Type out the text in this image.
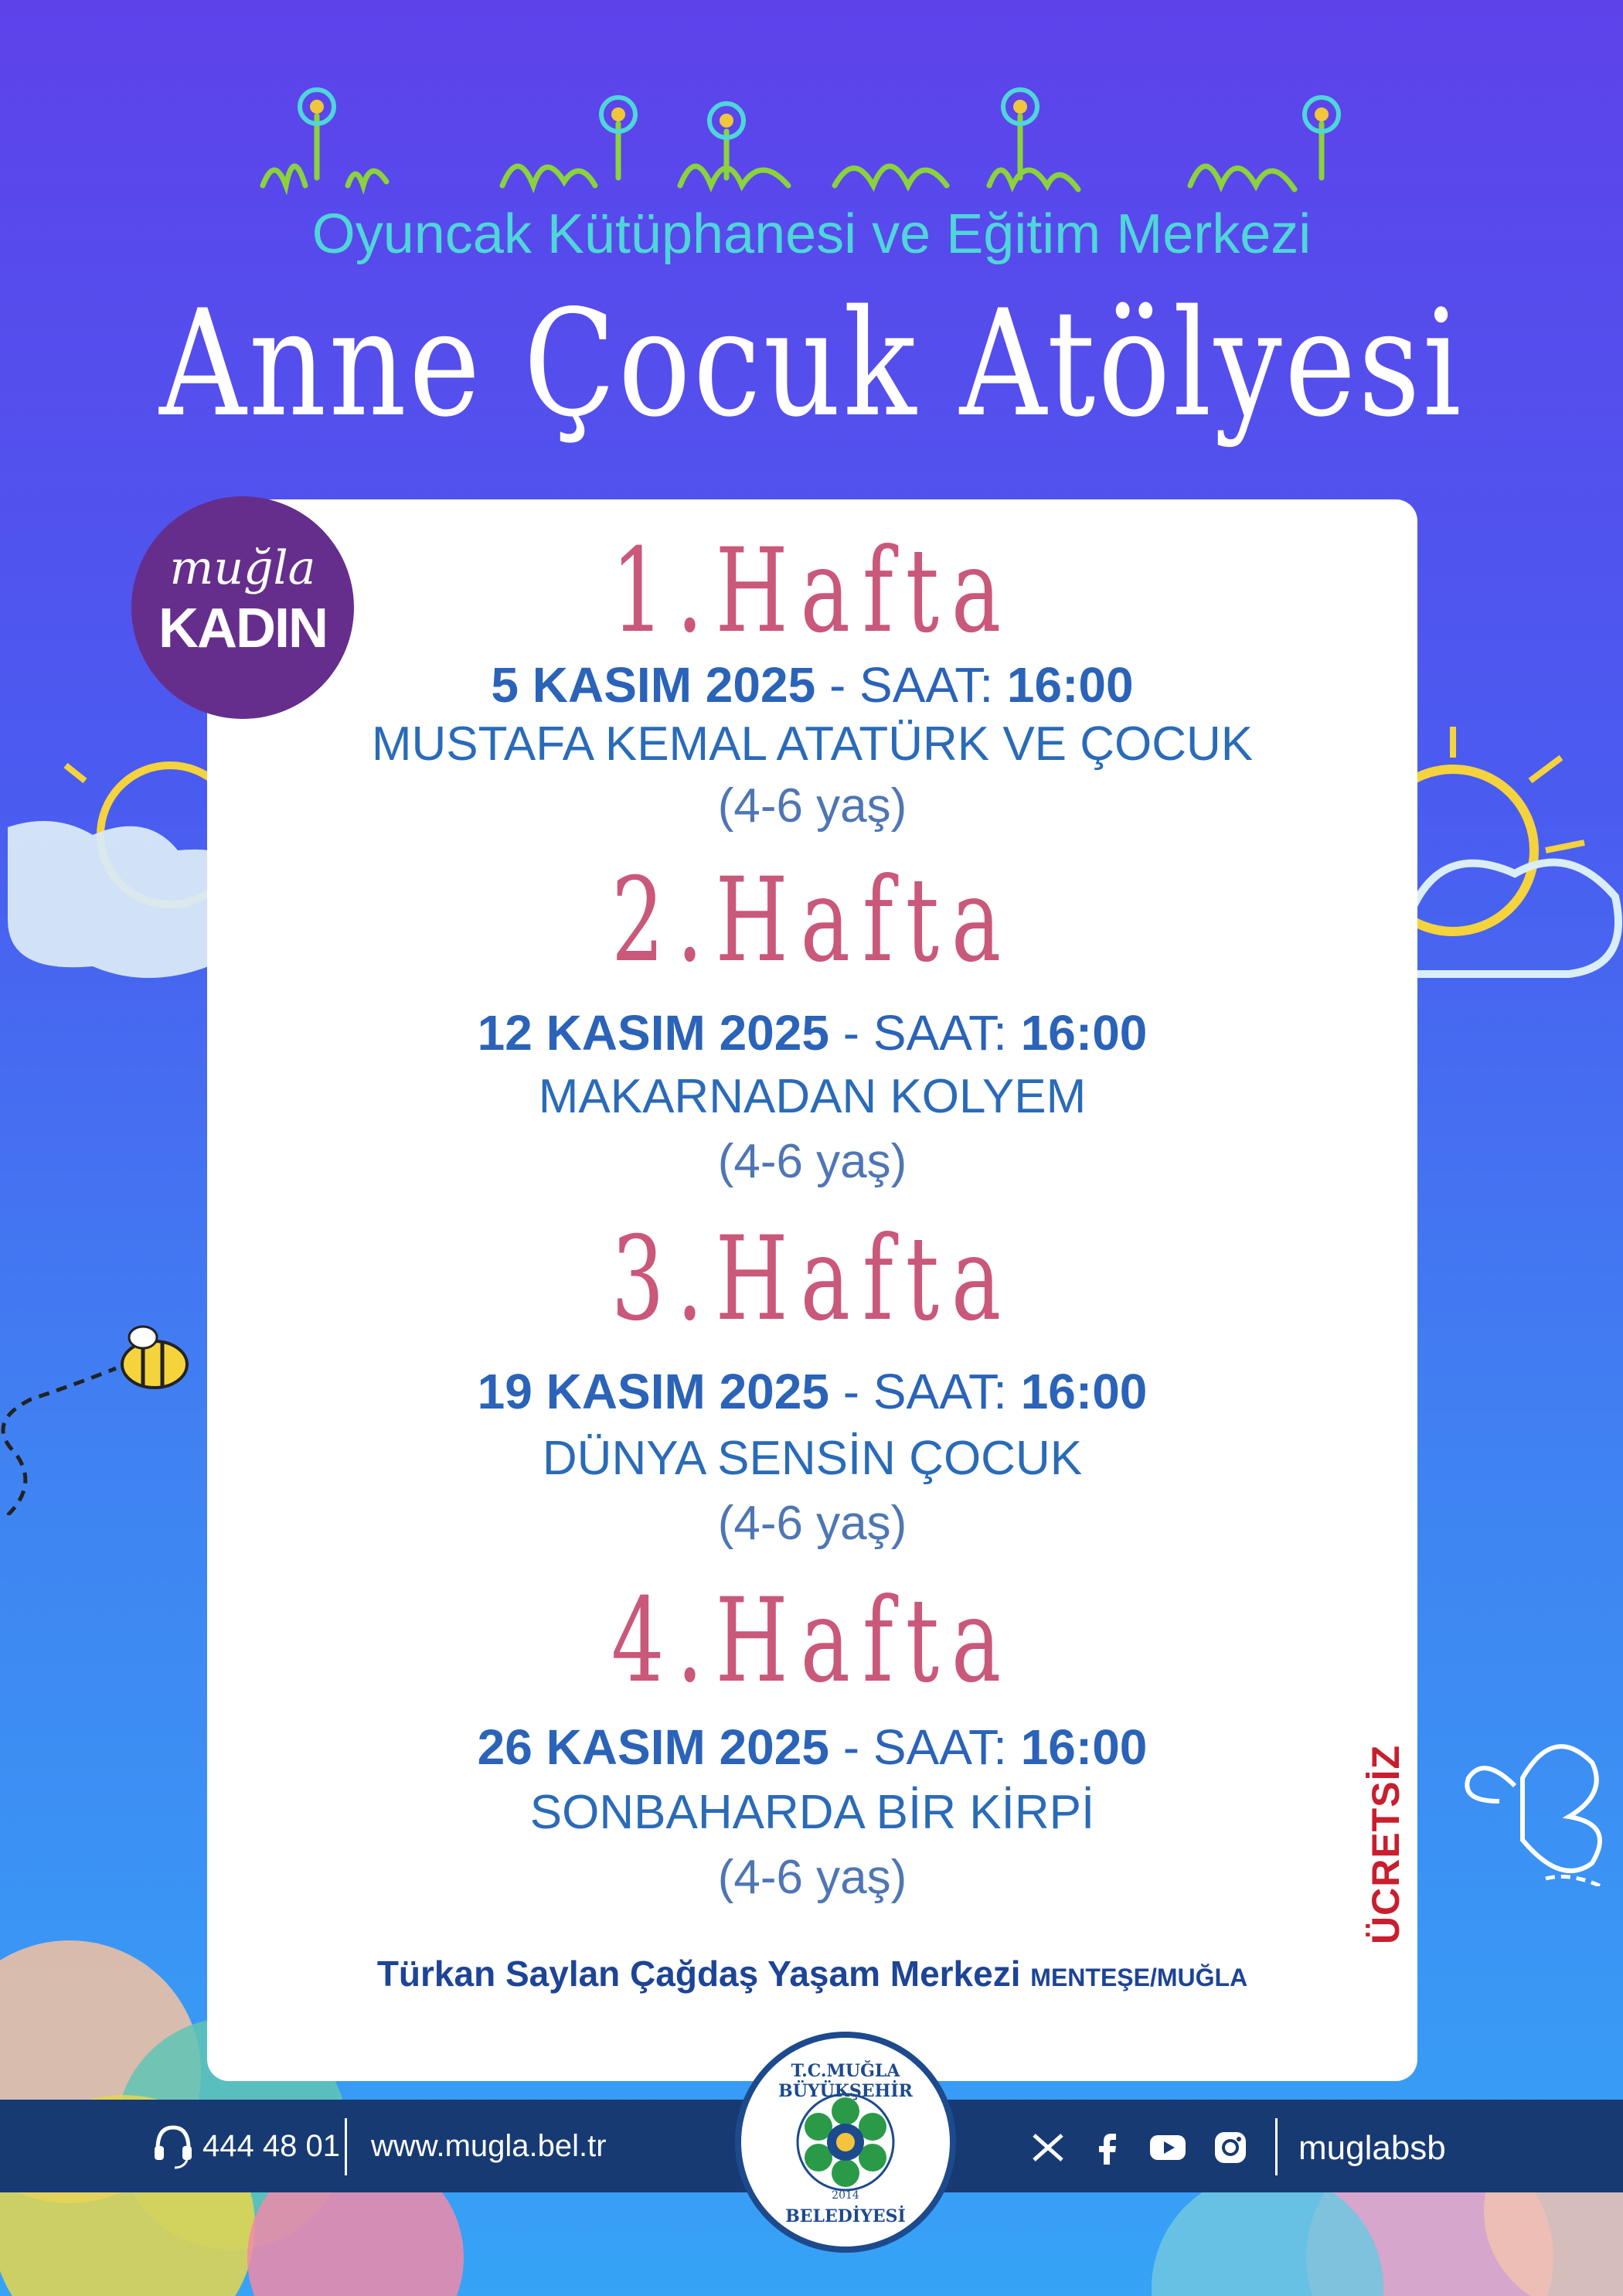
Oyuncak Kütüphanesi ve Eğitim Merkezi
Anne Çocuk Atölyesi
1.Hafta
5 KASIM 2025 - SAAT: 16:00
MUSTAFA KEMAL ATATÜRK VE ÇOCUK
(4-6 yaş)
2.Hafta
12 KASIM 2025 - SAAT: 16:00
MAKARNADAN KOLYEM
(4-6 yaş)
3.Hafta
19 KASIM 2025 - SAAT: 16:00
DÜNYA SENSİN ÇOCUK
(4-6 yaş)
4.Hafta
26 KASIM 2025 - SAAT: 16:00
SONBAHARDA BİR KİRPİ
(4-6 yaş)
Türkan Saylan Çağdaş Yaşam Merkezi MENTEŞE/MUĞLA
ÜCRETSİZ
muğla
KADIN
444 48 01 www.mugla.bel.tr	muglabsb
T.C.MUĞLA BÜYÜKŞEHİR
2014
BELEDİYESİ
